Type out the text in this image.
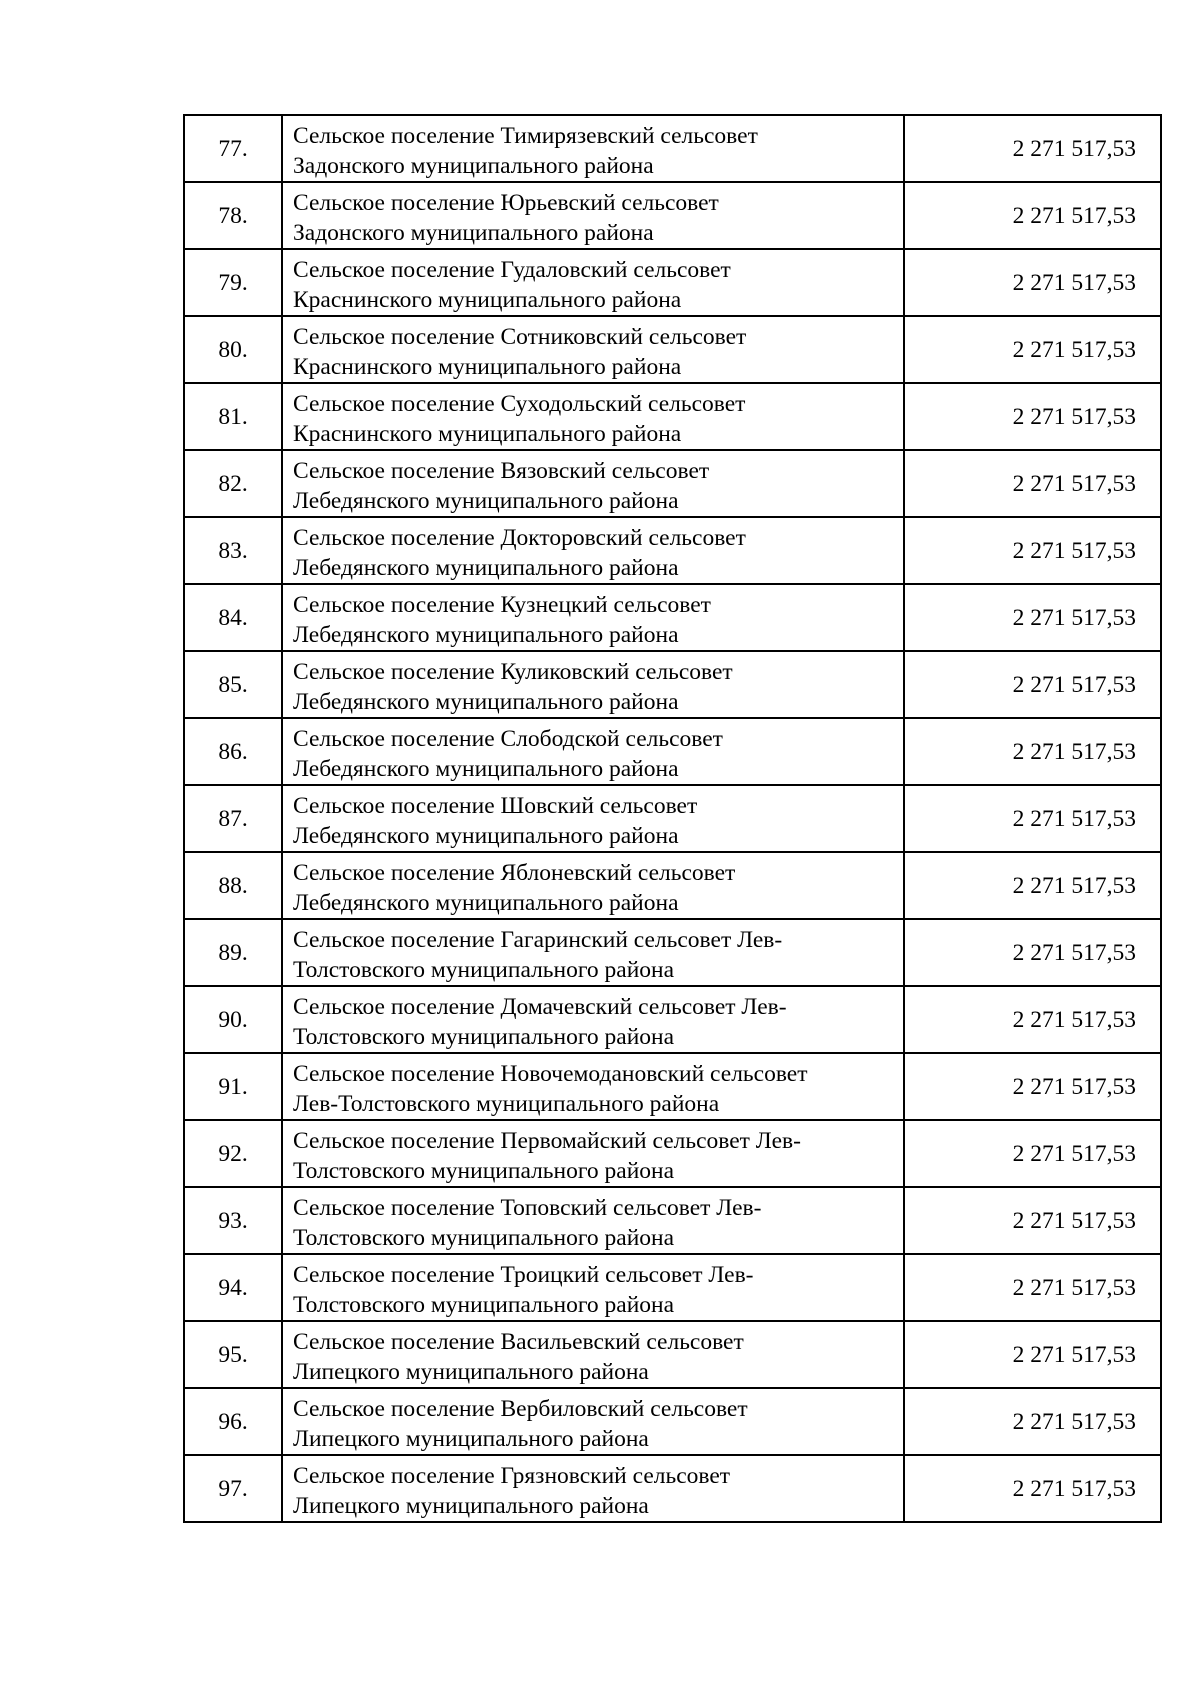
77.	Сельское поселение Тимирязевский сельсовет
Задонского муниципального района	2 271 517,53
78.	Сельское поселение Юрьевский сельсовет
Задонского муниципального района	2 271 517,53
79.	Сельское поселение Гудаловский сельсовет
Краснинского муниципального района	2 271 517,53
80.	Сельское поселение Сотниковский сельсовет
Краснинского муниципального района	2 271 517,53
81.	Сельское поселение Суходольский сельсовет
Краснинского муниципального района	2 271 517,53
82.	Сельское поселение Вязовский сельсовет
Лебедянского муниципального района	2 271 517,53
83.	Сельское поселение Докторовский сельсовет
Лебедянского муниципального района	2 271 517,53
84.	Сельское поселение Кузнецкий сельсовет
Лебедянского муниципального района	2 271 517,53
85.	Сельское поселение Куликовский сельсовет
Лебедянского муниципального района	2 271 517,53
86.	Сельское поселение Слободской сельсовет
Лебедянского муниципального района	2 271 517,53
87.	Сельское поселение Шовский сельсовет
Лебедянского муниципального района	2 271 517,53
88.	Сельское поселение Яблоневский сельсовет
Лебедянского муниципального района	2 271 517,53
89.	Сельское поселение Гагаринский сельсовет Лев-
Толстовского муниципального района	2 271 517,53
90.	Сельское поселение Домачевский сельсовет Лев-
Толстовского муниципального района	2 271 517,53
91.	Сельское поселение Новочемодановский сельсовет
Лев-Толстовского муниципального района	2 271 517,53
92.	Сельское поселение Первомайский сельсовет Лев-
Толстовского муниципального района	2 271 517,53
93.	Сельское поселение Топовский сельсовет Лев-
Толстовского муниципального района	2 271 517,53
94.	Сельское поселение Троицкий сельсовет Лев-
Толстовского муниципального района	2 271 517,53
95.	Сельское поселение Васильевский сельсовет
Липецкого муниципального района	2 271 517,53
96.	Сельское поселение Вербиловский сельсовет
Липецкого муниципального района	2 271 517,53
97.	Сельское поселение Грязновский сельсовет
Липецкого муниципального района	2 271 517,53
